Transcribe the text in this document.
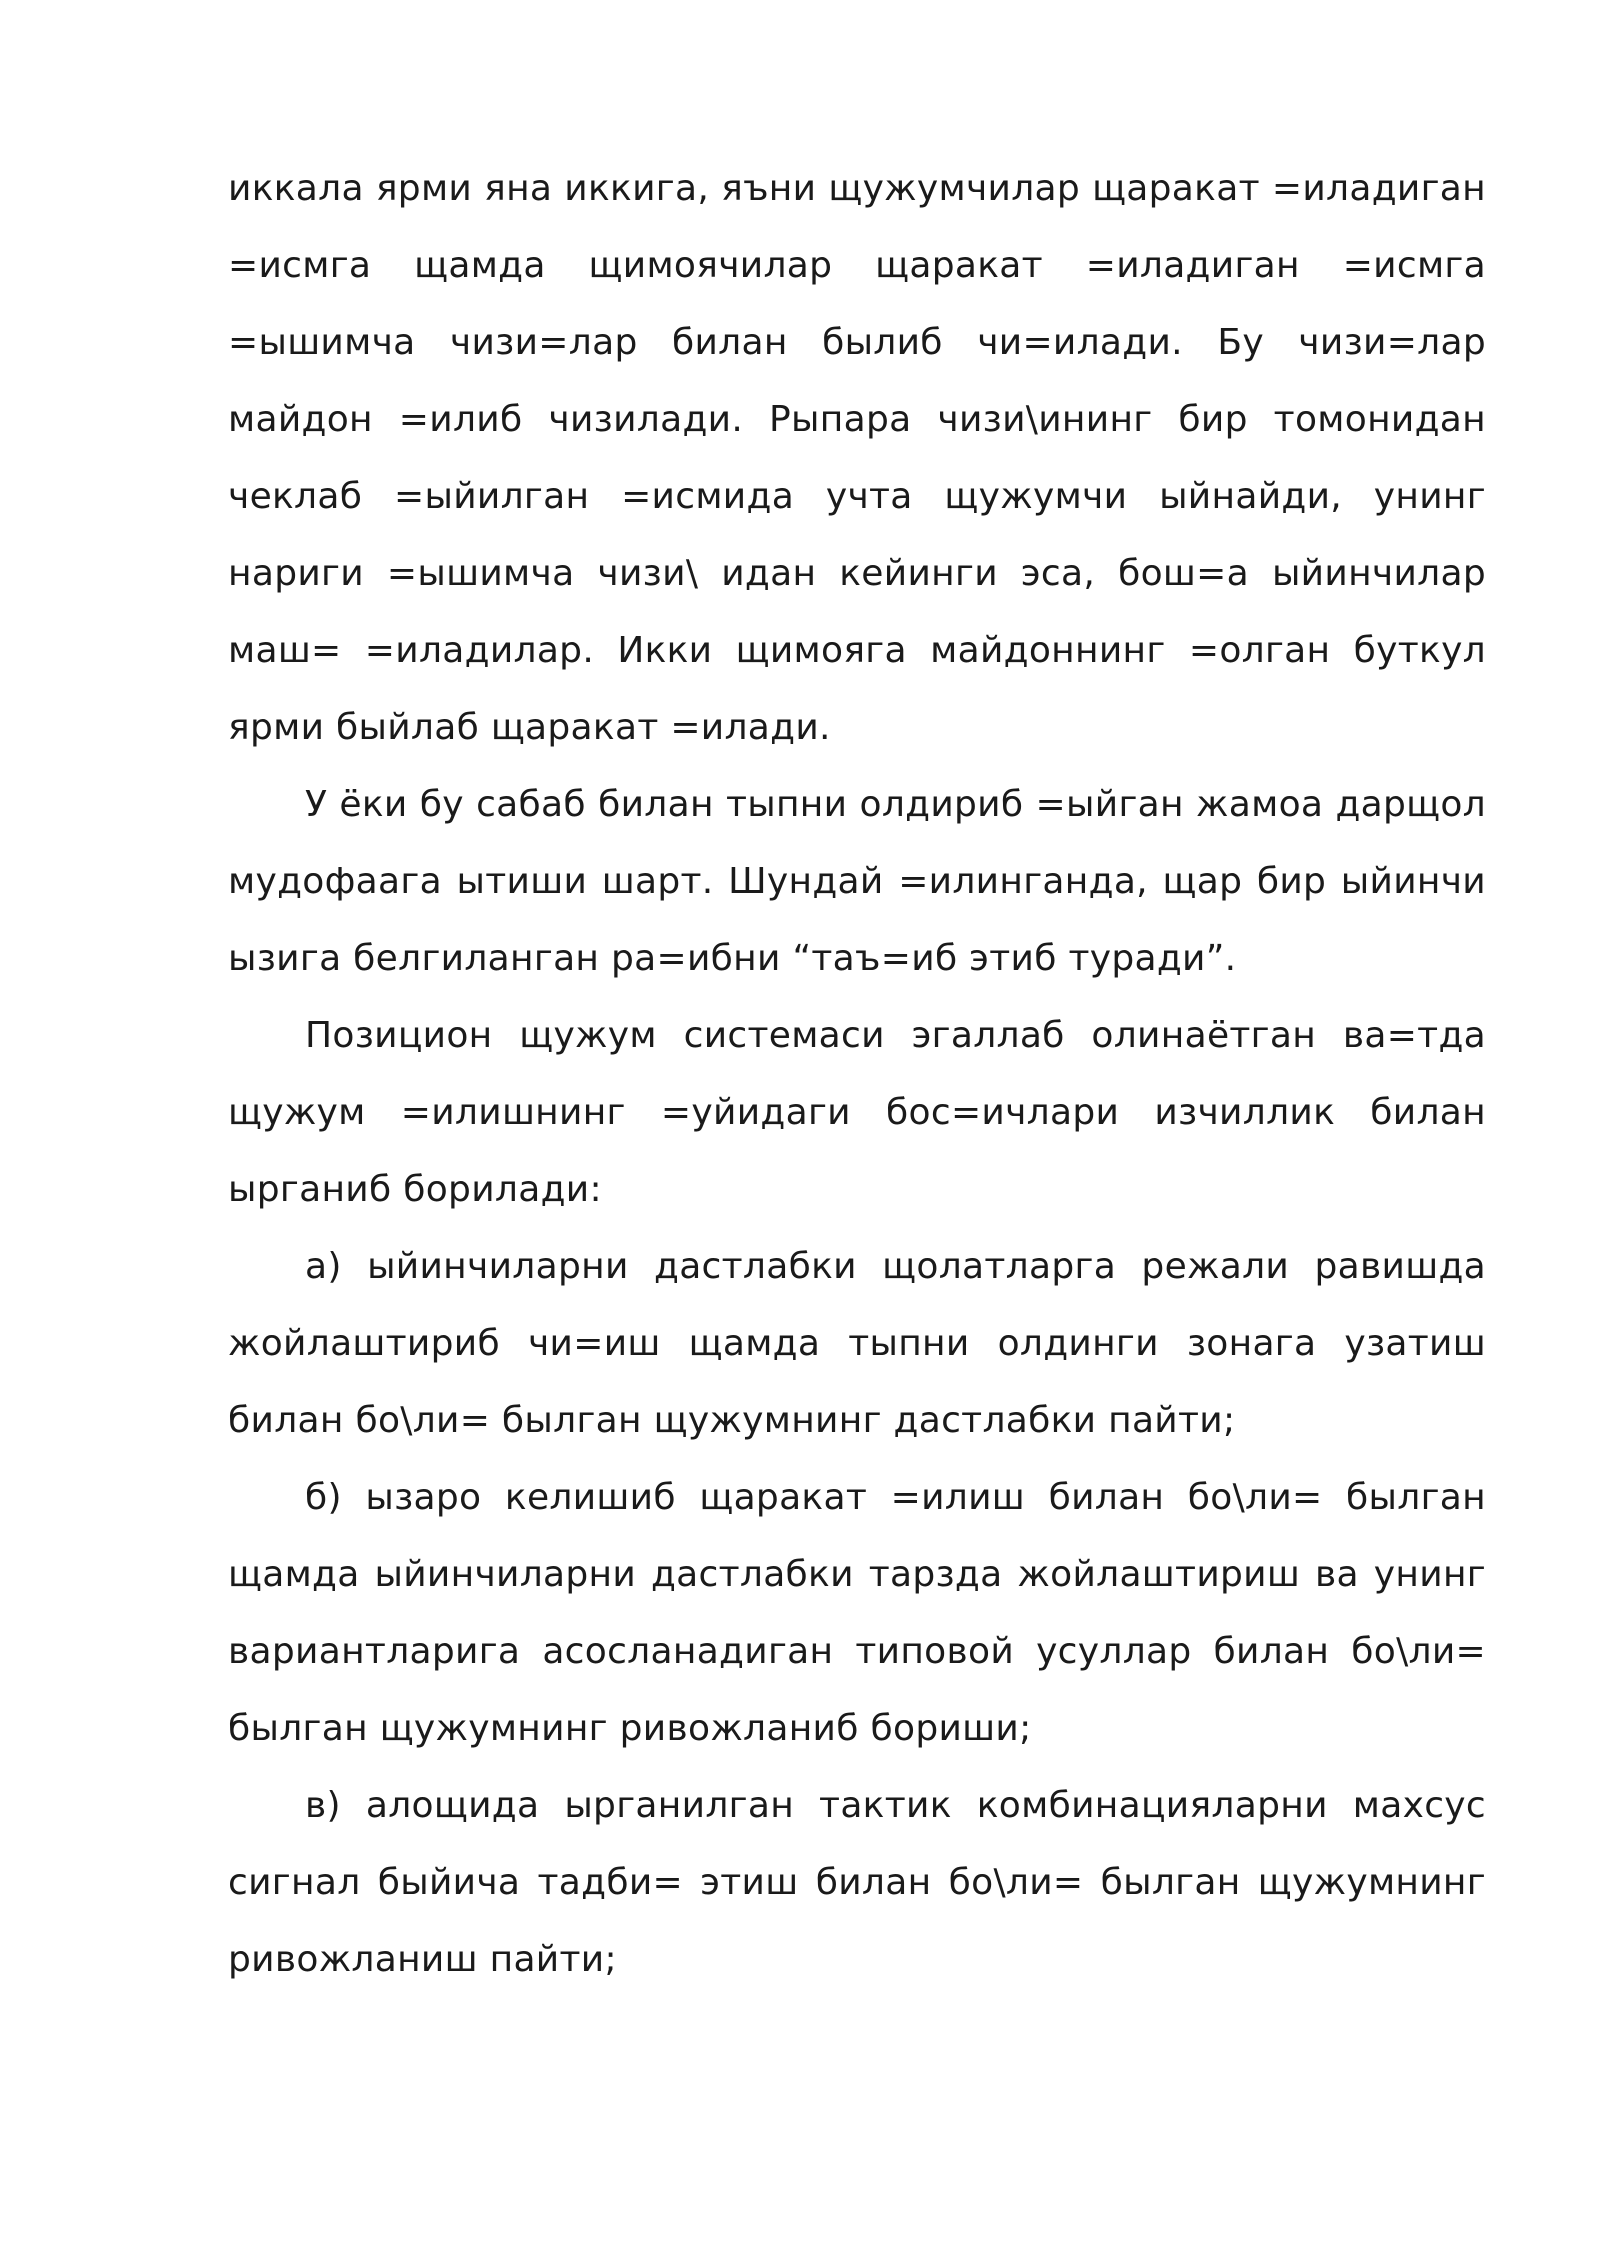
иккала ярми яна иккига, яъни щужумчилар щаракат =иладиган =исмга щамда щимоячилар щаракат =иладиган =исмга =ышимча чизи=лар билан былиб чи=илади. Бу чизи=лар майдон =илиб чизилади. Рыпара чизи\ининг бир томонидан чеклаб =ыйилган =исмида учта щужумчи ыйнайди, унинг нариги =ышимча чизи\ идан кейинги эса, бош=а ыйинчилар маш= =иладилар. Икки щимояга майдоннинг =олган буткул ярми быйлаб щаракат =илади.

У ёки бу сабаб билан тыпни олдириб =ыйган жамоа дарщол мудофаага ытиши шарт. Шундай =илинганда, щар бир ыйинчи ызига белгиланган ра=ибни “таъ=иб этиб туради”.

Позицион щужум системаси эгаллаб олинаётган ва=тда щужум =илишнинг =уйидаги бос=ичлари изчиллик билан ырганиб борилади:

а) ыйинчиларни дастлабки щолатларга режали равишда жойлаштириб чи=иш щамда тыпни олдинги зонага узатиш билан бо\ли= былган щужумнинг дастлабки пайти;

б) ызаро келишиб щаракат =илиш билан бо\ли= былган щамда ыйинчиларни дастлабки тарзда жойлаштириш ва унинг вариантларига асосланадиган типовой усуллар билан бо\ли= былган щужумнинг ривожланиб бориши;

в) алощида ырганилган тактик комбинацияларни махсус сигнал быйича тадби= этиш билан бо\ли= былган щужумнинг ривожланиш пайти;
